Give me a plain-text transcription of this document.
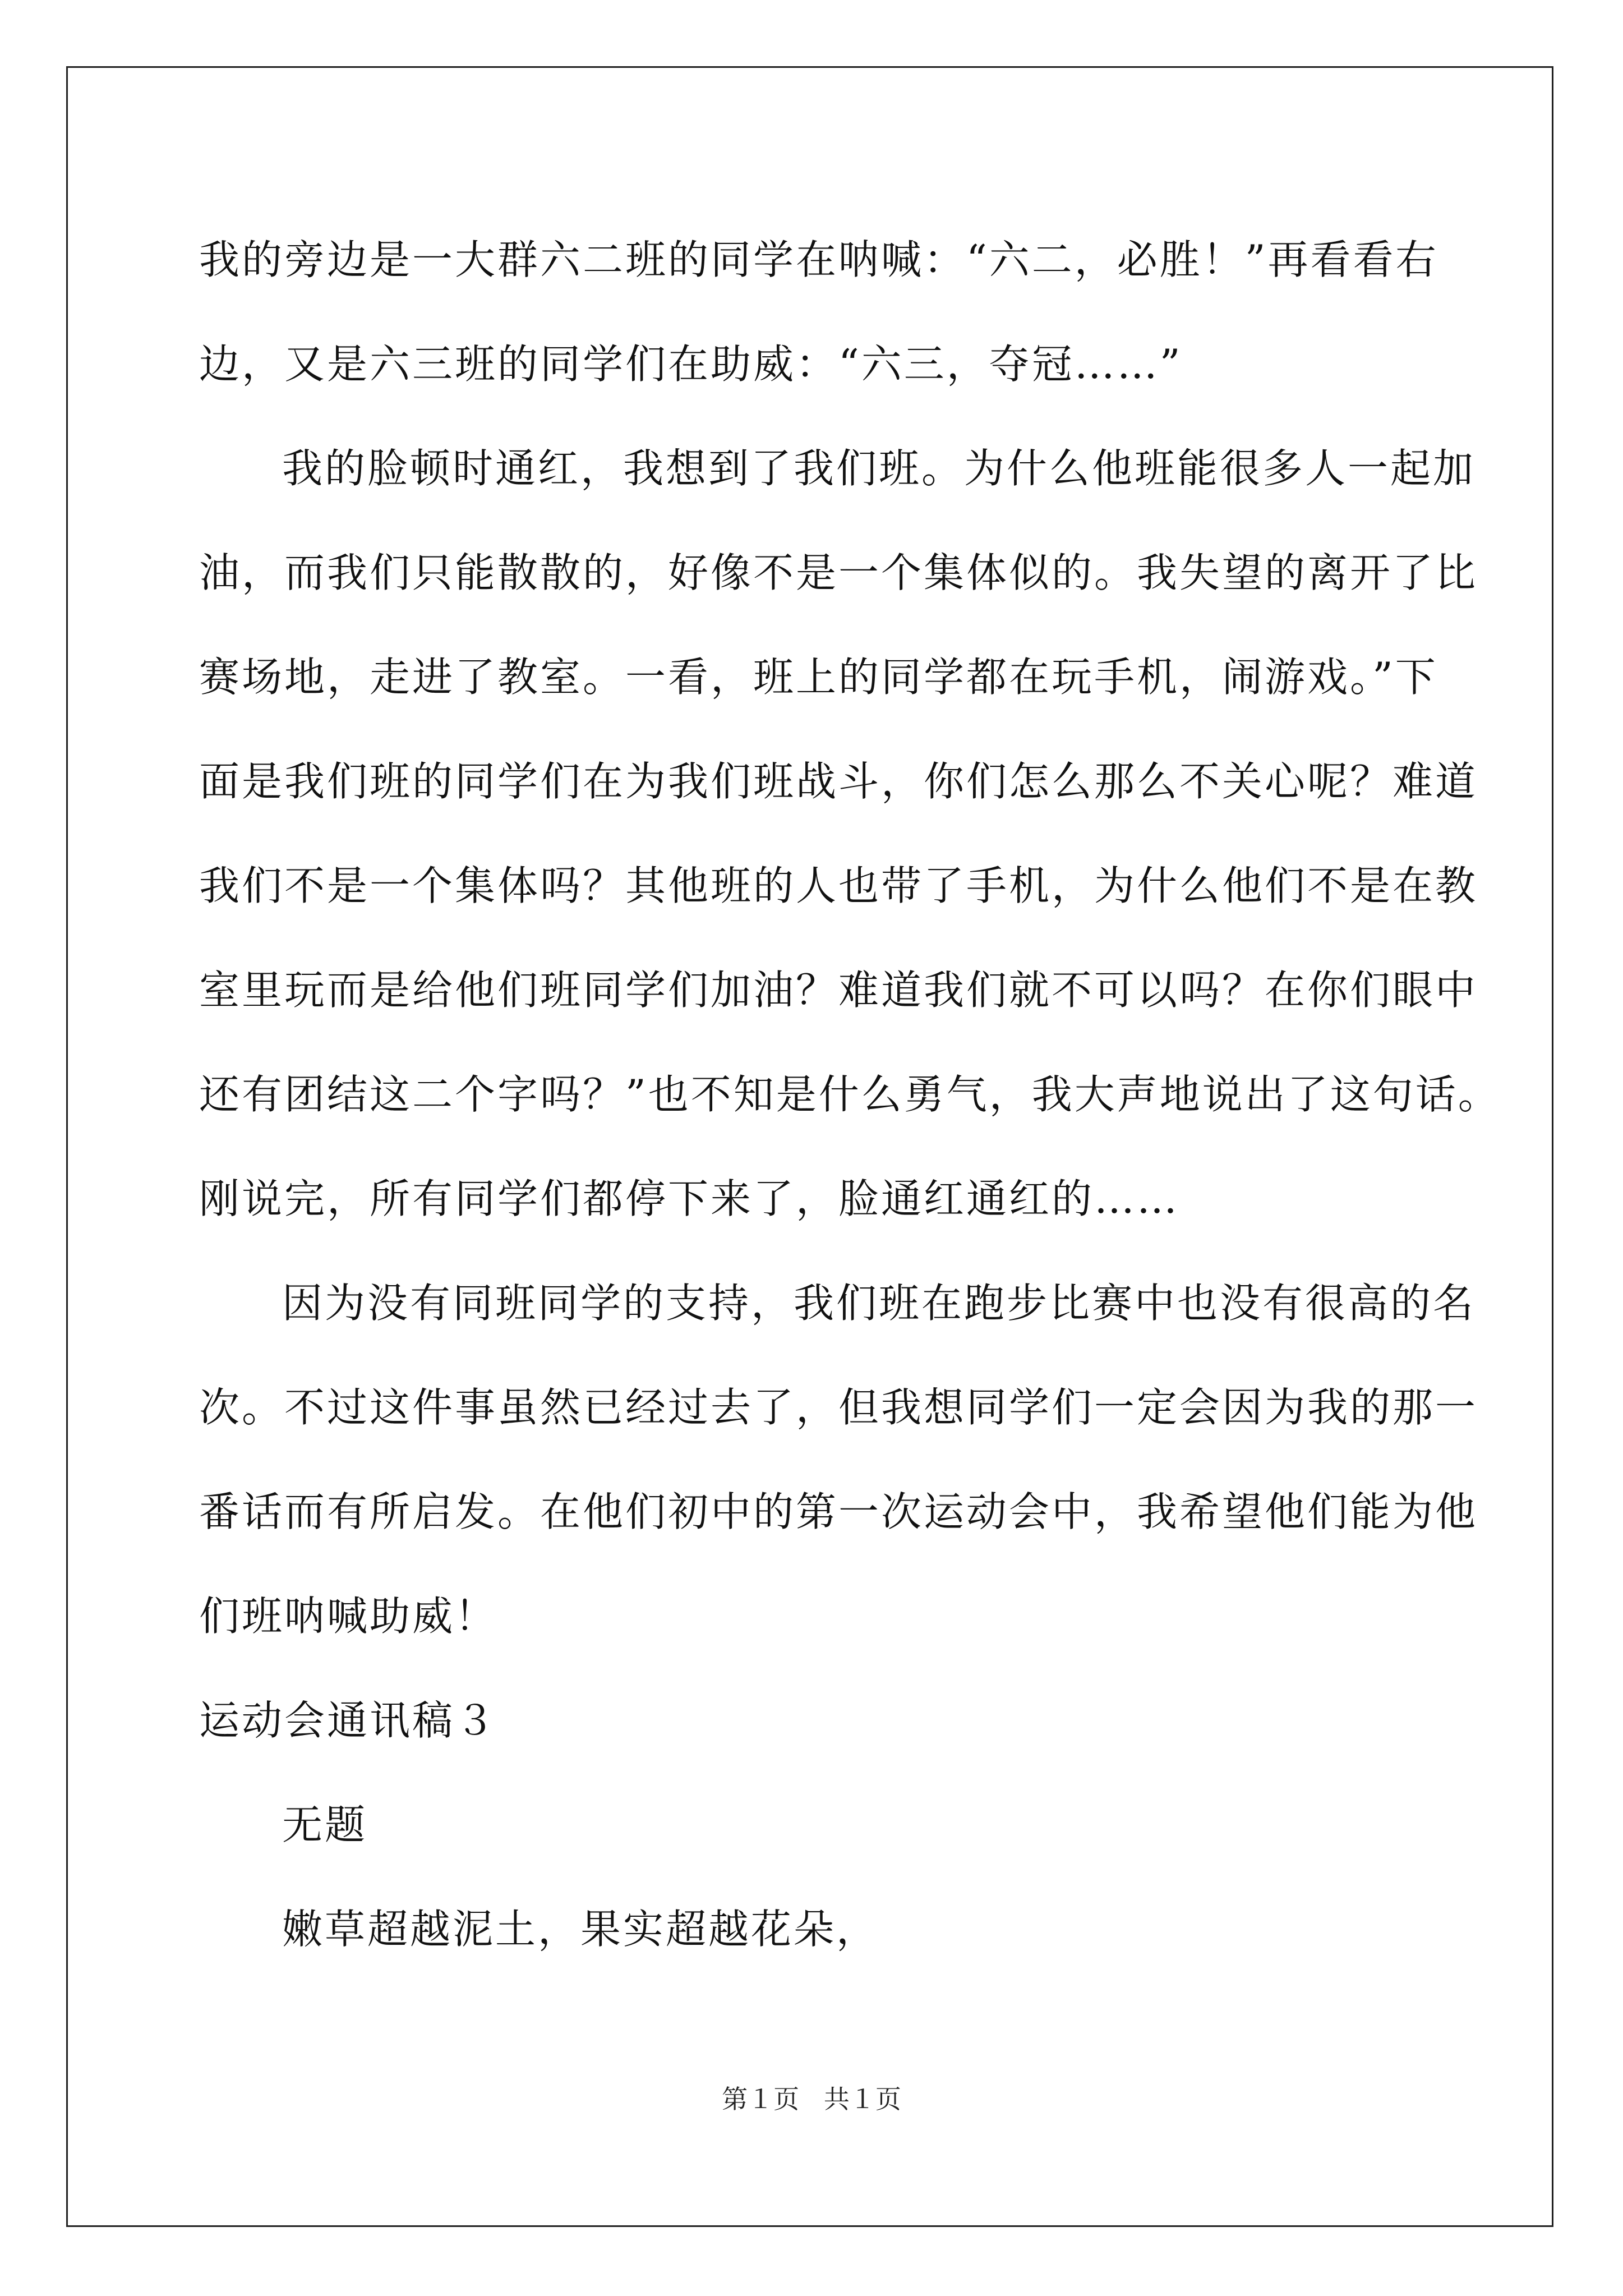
我的旁边是一大群六二班的同学在呐喊：“六二，必胜！”再看看右
边，又是六三班的同学们在助威：“六三，夺冠……”
我的脸顿时通红，我想到了我们班。为什么他班能很多人一起加
油，而我们只能散散的，好像不是一个集体似的。我失望的离开了比
赛场地，走进了教室。一看，班上的同学都在玩手机，闹游戏。”下
面是我们班的同学们在为我们班战斗，你们怎么那么不关心呢？难道
我们不是一个集体吗？其他班的人也带了手机，为什么他们不是在教
室里玩而是给他们班同学们加油？难道我们就不可以吗？在你们眼中
还有团结这二个字吗？”也不知是什么勇气，我大声地说出了这句话。
刚说完，所有同学们都停下来了，脸通红通红的……
因为没有同班同学的支持，我们班在跑步比赛中也没有很高的名
次。不过这件事虽然已经过去了，但我想同学们一定会因为我的那一
番话而有所启发。在他们初中的第一次运动会中，我希望他们能为他
们班呐喊助威！
运动会通讯稿３
无题
嫩草超越泥土，果实超越花朵，
第１页   共１页
